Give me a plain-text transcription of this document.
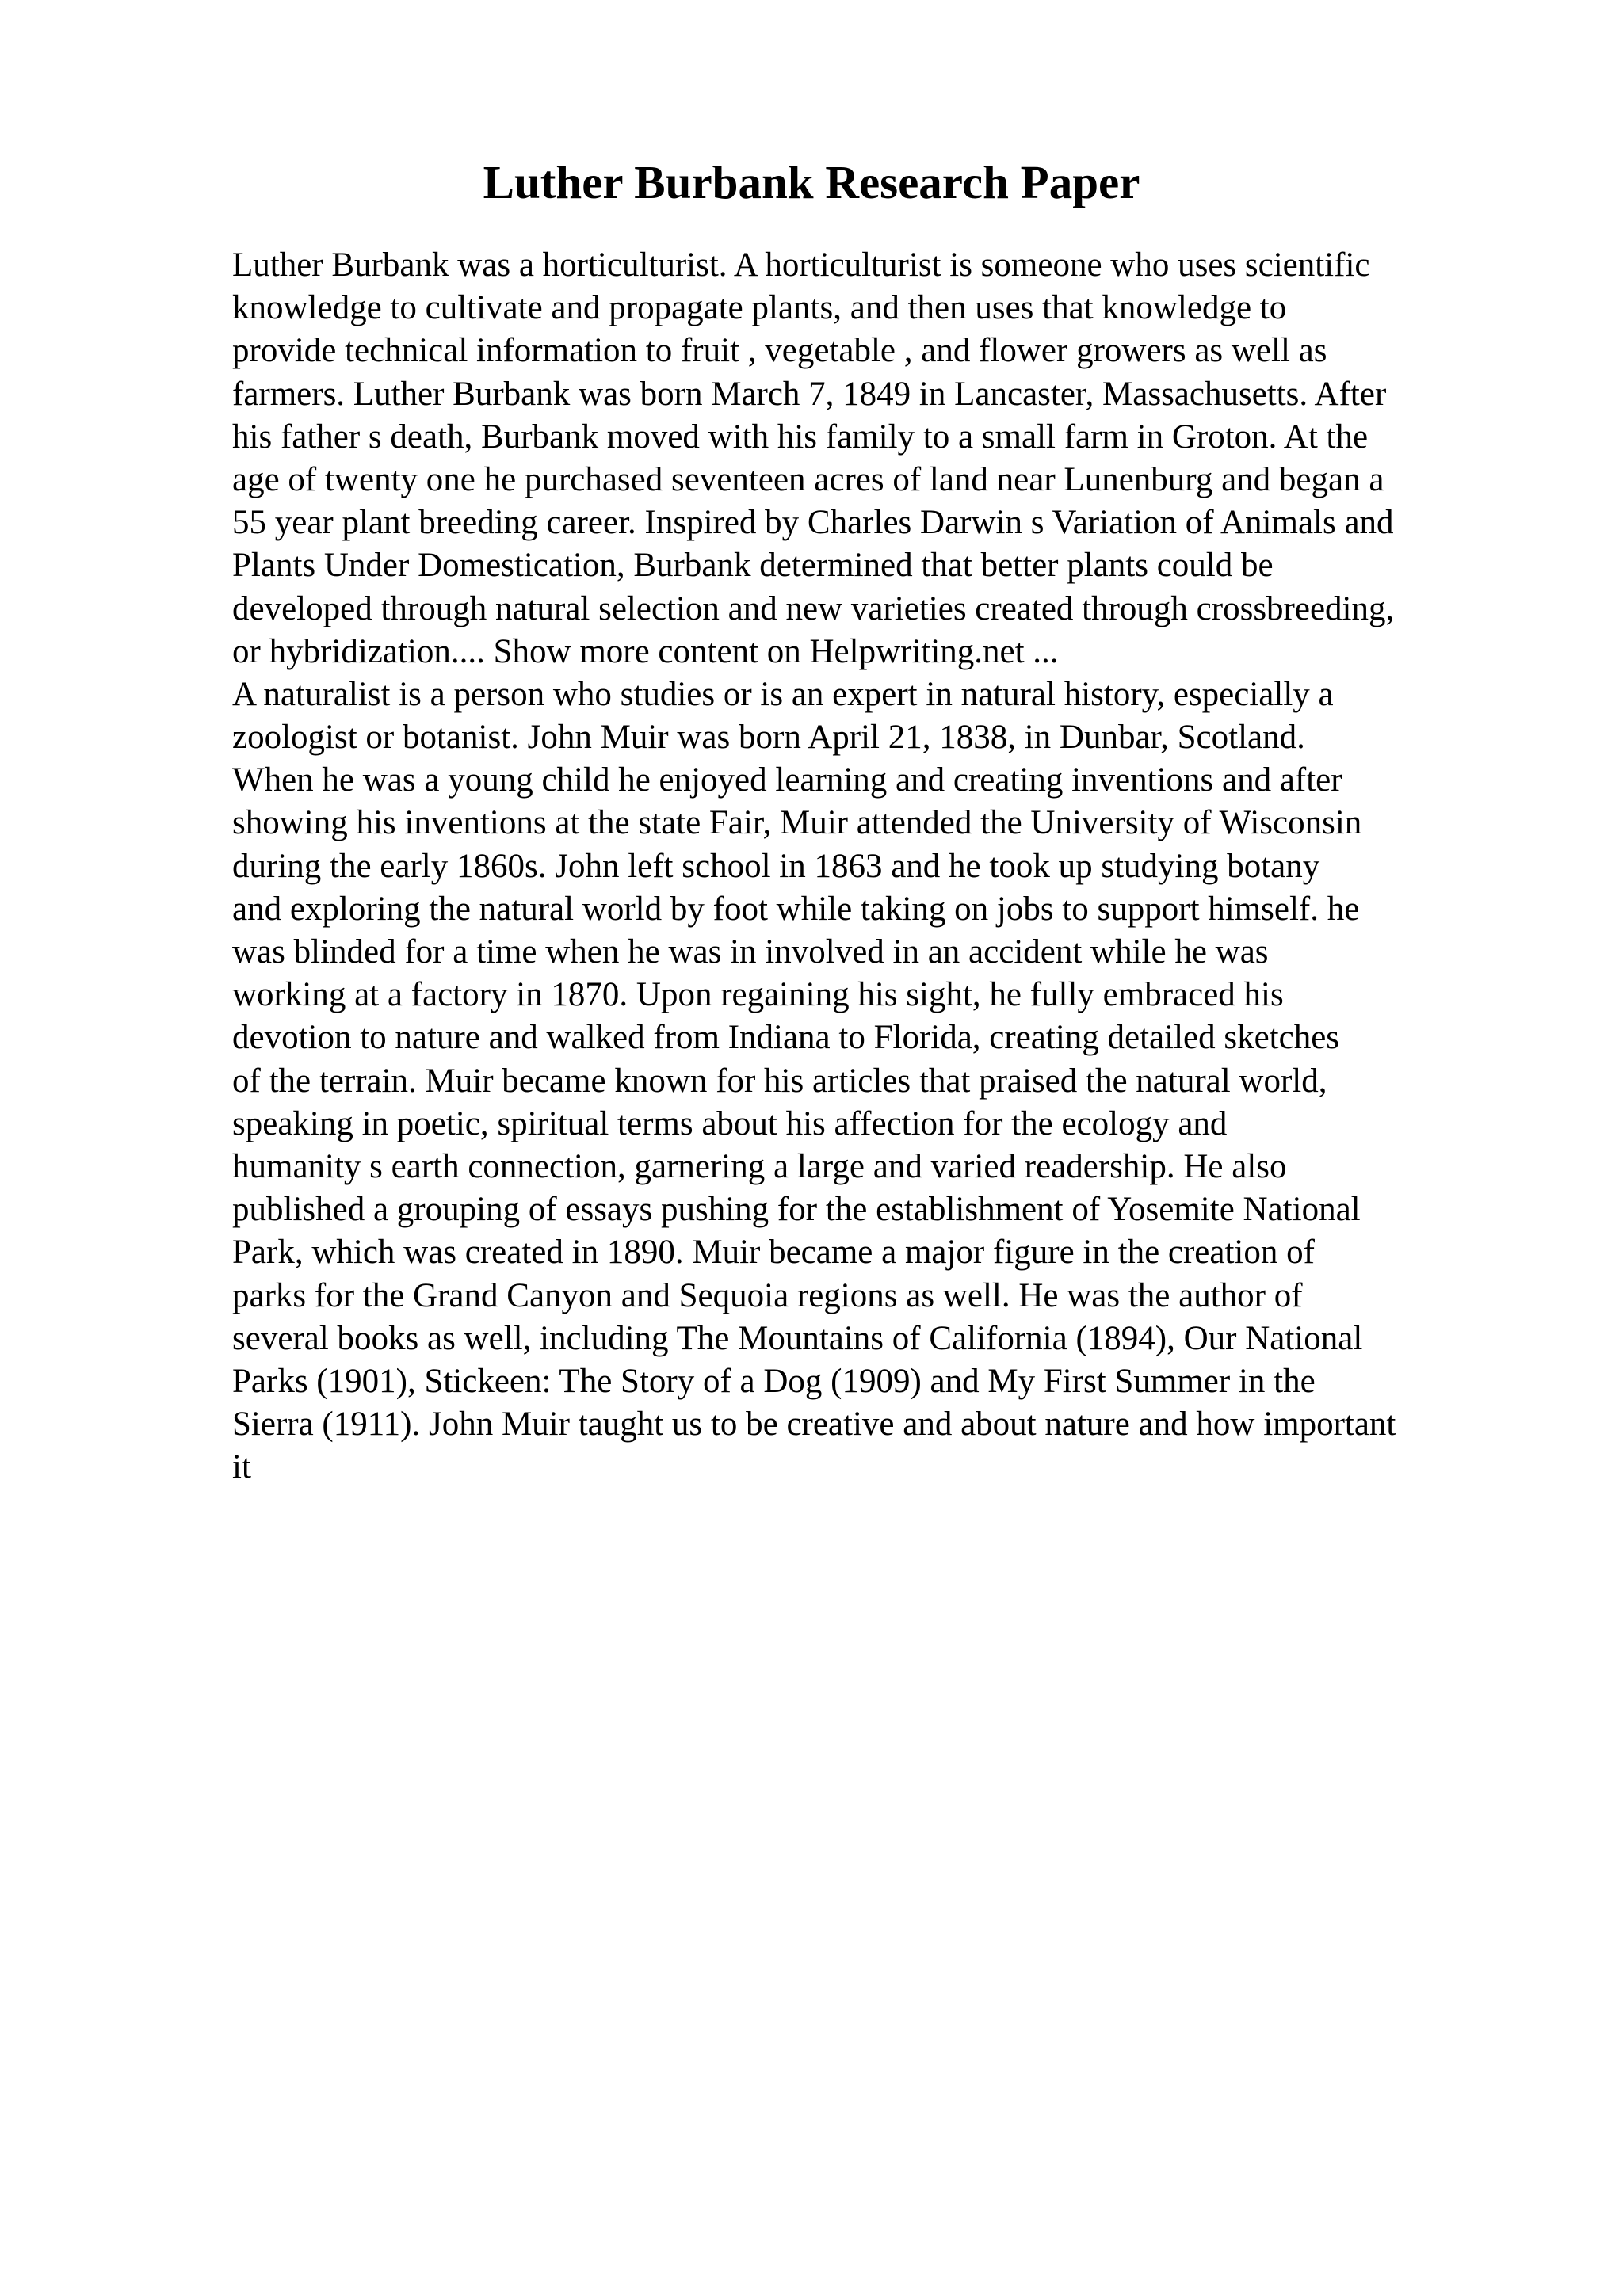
Luther Burbank Research Paper
Luther Burbank was a horticulturist. A horticulturist is someone who uses scientific
knowledge to cultivate and propagate plants, and then uses that knowledge to
provide technical information to fruit , vegetable , and flower growers as well as
farmers. Luther Burbank was born March 7, 1849 in Lancaster, Massachusetts. After
his father s death, Burbank moved with his family to a small farm in Groton. At the
age of twenty one he purchased seventeen acres of land near Lunenburg and began a
55 year plant breeding career. Inspired by Charles Darwin s Variation of Animals and
Plants Under Domestication, Burbank determined that better plants could be
developed through natural selection and new varieties created through crossbreeding,
or hybridization.... Show more content on Helpwriting.net ...
A naturalist is a person who studies or is an expert in natural history, especially a
zoologist or botanist. John Muir was born April 21, 1838, in Dunbar, Scotland.
When he was a young child he enjoyed learning and creating inventions and after
showing his inventions at the state Fair, Muir attended the University of Wisconsin
during the early 1860s. John left school in 1863 and he took up studying botany
and exploring the natural world by foot while taking on jobs to support himself. he
was blinded for a time when he was in involved in an accident while he was
working at a factory in 1870. Upon regaining his sight, he fully embraced his
devotion to nature and walked from Indiana to Florida, creating detailed sketches
of the terrain. Muir became known for his articles that praised the natural world,
speaking in poetic, spiritual terms about his affection for the ecology and
humanity s earth connection, garnering a large and varied readership. He also
published a grouping of essays pushing for the establishment of Yosemite National
Park, which was created in 1890. Muir became a major figure in the creation of
parks for the Grand Canyon and Sequoia regions as well. He was the author of
several books as well, including The Mountains of California (1894), Our National
Parks (1901), Stickeen: The Story of a Dog (1909) and My First Summer in the
Sierra (1911). John Muir taught us to be creative and about nature and how important
it
